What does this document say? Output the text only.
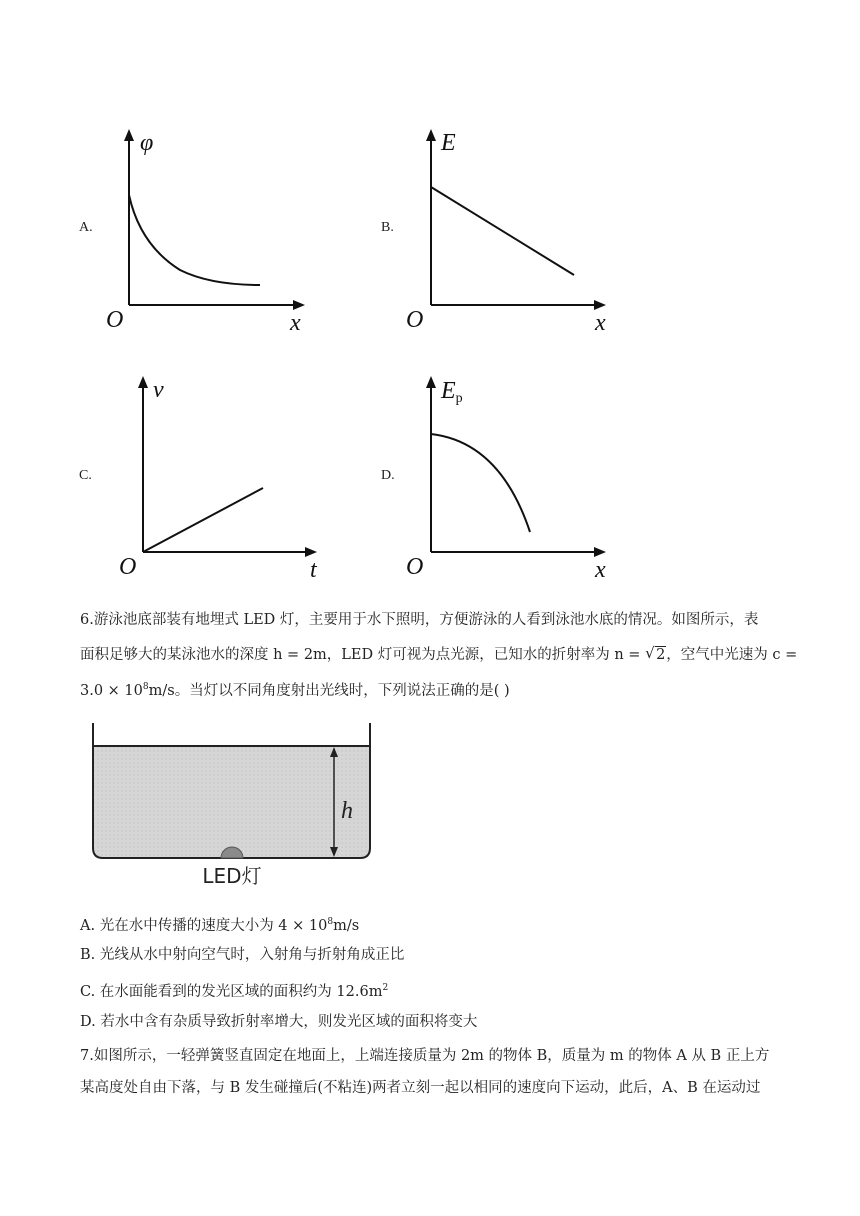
A.	B.
C.	D.
φ
x
O
E
x
O
v
t
O
Ep
x
O
6.游泳池底部装有地埋式 LED 灯，主要用于水下照明，方便游泳的人看到泳池水底的情况。如图所示，表
面积足够大的某泳池水的深度 h = 2m，LED 灯可视为点光源，已知水的折射率为 n = √ 2，空气中光速为 c =
$3.0 \times 10^8m/s$。当灯以不同角度射出光线时，下列说法正确的是( )
h
LED灯
A. 光在水中传播的速度大小为 $4 \times 10^8m/s$
B. 光线从水中射向空气时，入射角与折射角成正比
C. 在水面能看到的发光区域的面积约为 $12.6m^2$
D. 若水中含有杂质导致折射率增大，则发光区域的面积将变大
7.如图所示，一轻弹簧竖直固定在地面上，上端连接质量为 2m 的物体 B，质量为 m 的物体 A 从 B 正上方
某高度处自由下落，与 B 发生碰撞后(不粘连)两者立刻一起以相同的速度向下运动，此后，A、B 在运动过
